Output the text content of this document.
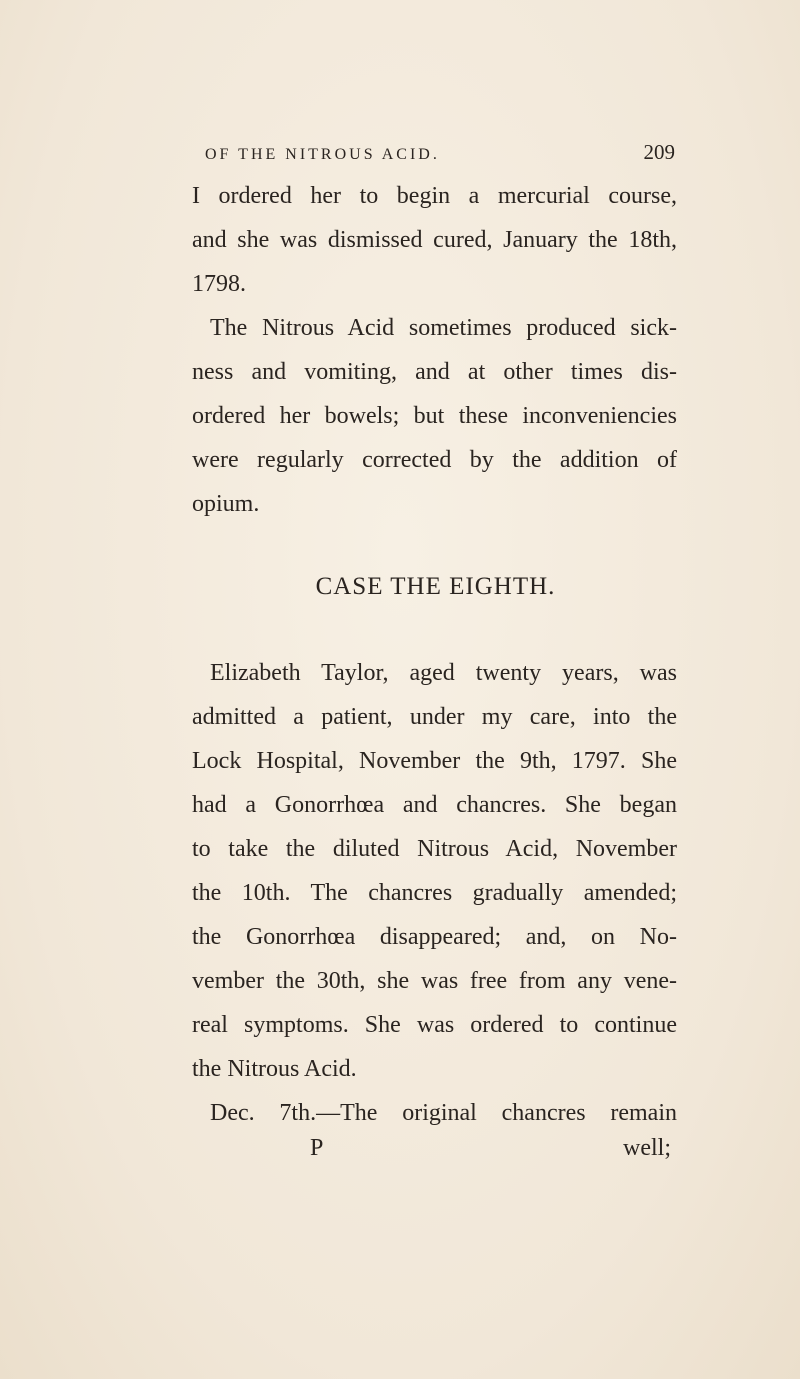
OF THE NITROUS ACID.	209
I ordered her to begin a mercurial course,
and she was dismissed cured, January the 18th,
1798.
The Nitrous Acid sometimes produced sick-
ness and vomiting, and at other times dis-
ordered her bowels; but these inconveniencies
were regularly corrected by the addition of
opium.
CASE THE EIGHTH.
Elizabeth Taylor, aged twenty years, was
admitted a patient, under my care, into the
Lock Hospital, November the 9th, 1797. She
had a Gonorrhœa and chancres. She began
to take the diluted Nitrous Acid, November
the 10th. The chancres gradually amended;
the Gonorrhœa disappeared; and, on No-
vember the 30th, she was free from any vene-
real symptoms. She was ordered to continue
the Nitrous Acid.
Dec. 7th.—The original chancres remain
P	well;
